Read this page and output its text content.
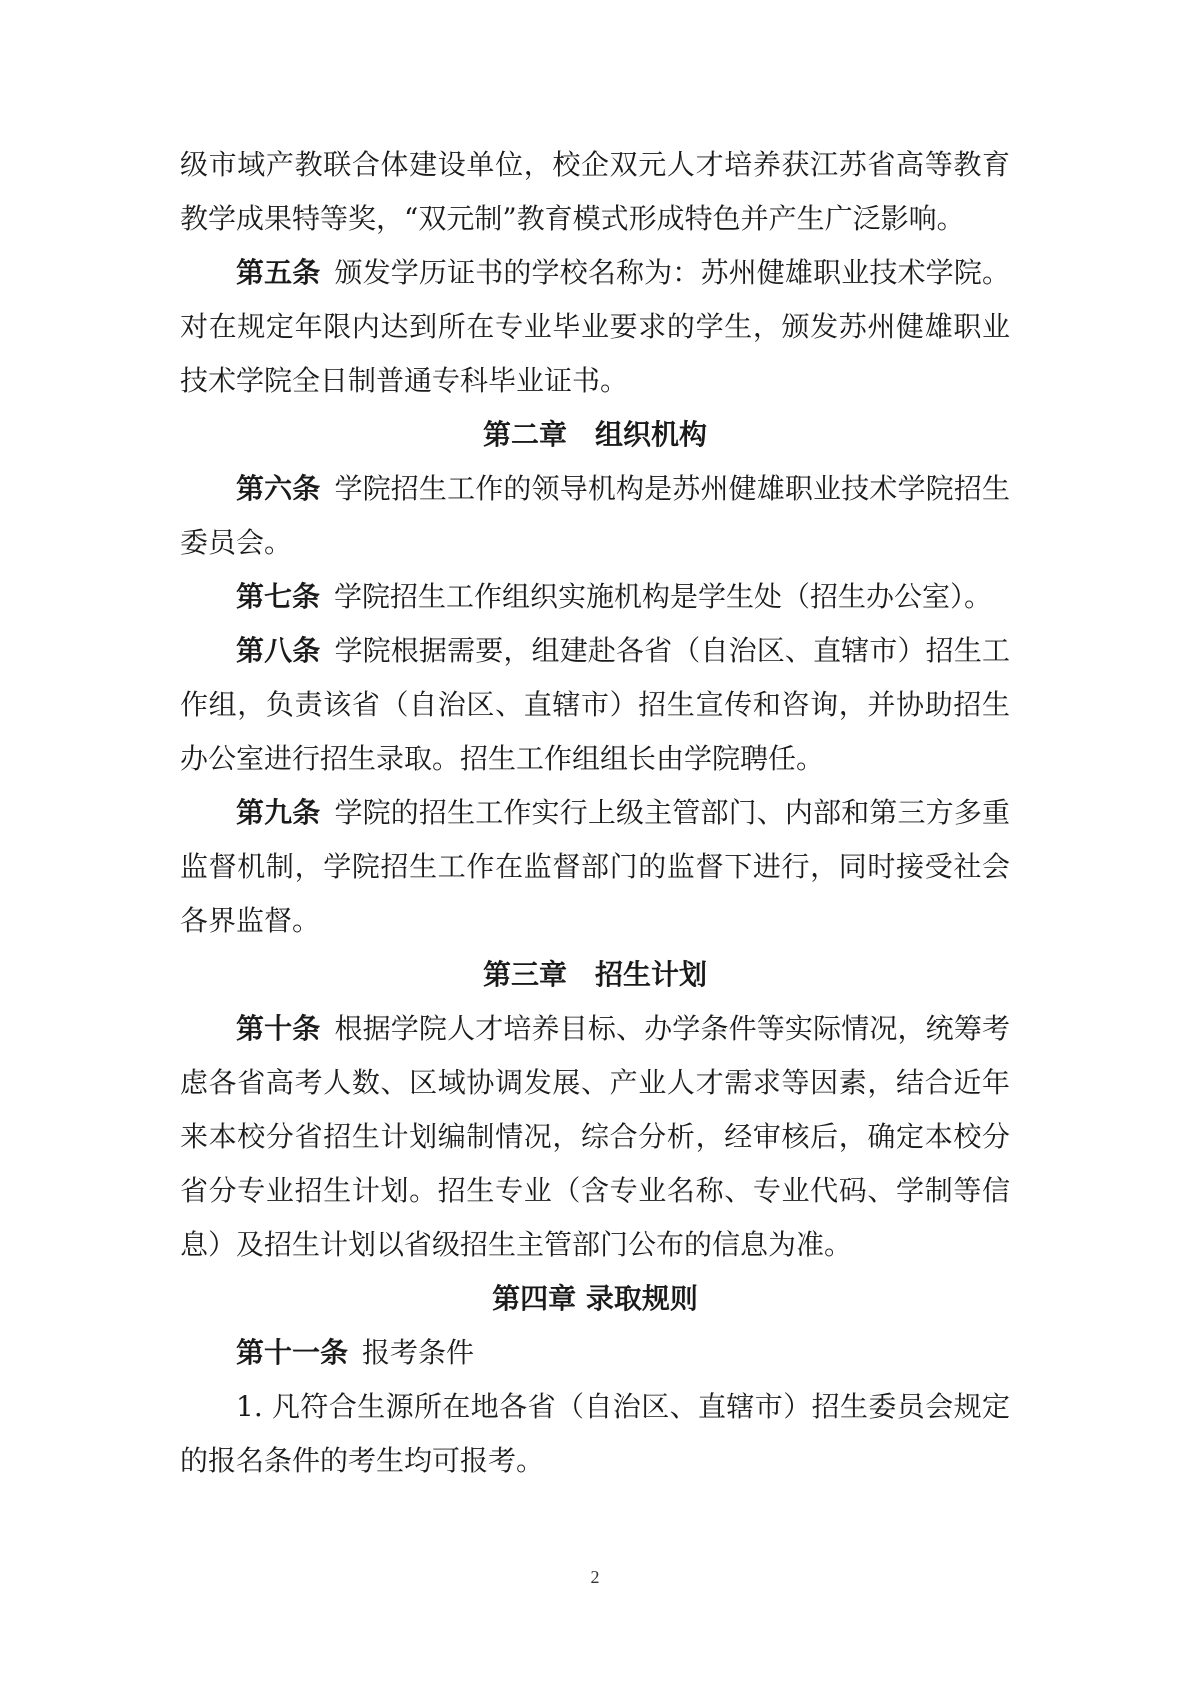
级市域产教联合体建设单位，校企双元人才培养获江苏省高等教育教学成果特等奖，“双元制”教育模式形成特色并产生广泛影响。

第五条 颁发学历证书的学校名称为：苏州健雄职业技术学院。对在规定年限内达到所在专业毕业要求的学生，颁发苏州健雄职业技术学院全日制普通专科毕业证书。

第二章　组织机构

第六条 学院招生工作的领导机构是苏州健雄职业技术学院招生委员会。

第七条 学院招生工作组织实施机构是学生处（招生办公室）。

第八条 学院根据需要，组建赴各省（自治区、直辖市）招生工作组，负责该省（自治区、直辖市）招生宣传和咨询，并协助招生办公室进行招生录取。招生工作组组长由学院聘任。

第九条 学院的招生工作实行上级主管部门、内部和第三方多重监督机制，学院招生工作在监督部门的监督下进行，同时接受社会各界监督。

第三章　招生计划

第十条 根据学院人才培养目标、办学条件等实际情况，统筹考虑各省高考人数、区域协调发展、产业人才需求等因素，结合近年来本校分省招生计划编制情况，综合分析，经审核后，确定本校分省分专业招生计划。招生专业（含专业名称、专业代码、学制等信息）及招生计划以省级招生主管部门公布的信息为准。

第四章 录取规则

第十一条 报考条件

1. 凡符合生源所在地各省（自治区、直辖市）招生委员会规定的报名条件的考生均可报考。

2
